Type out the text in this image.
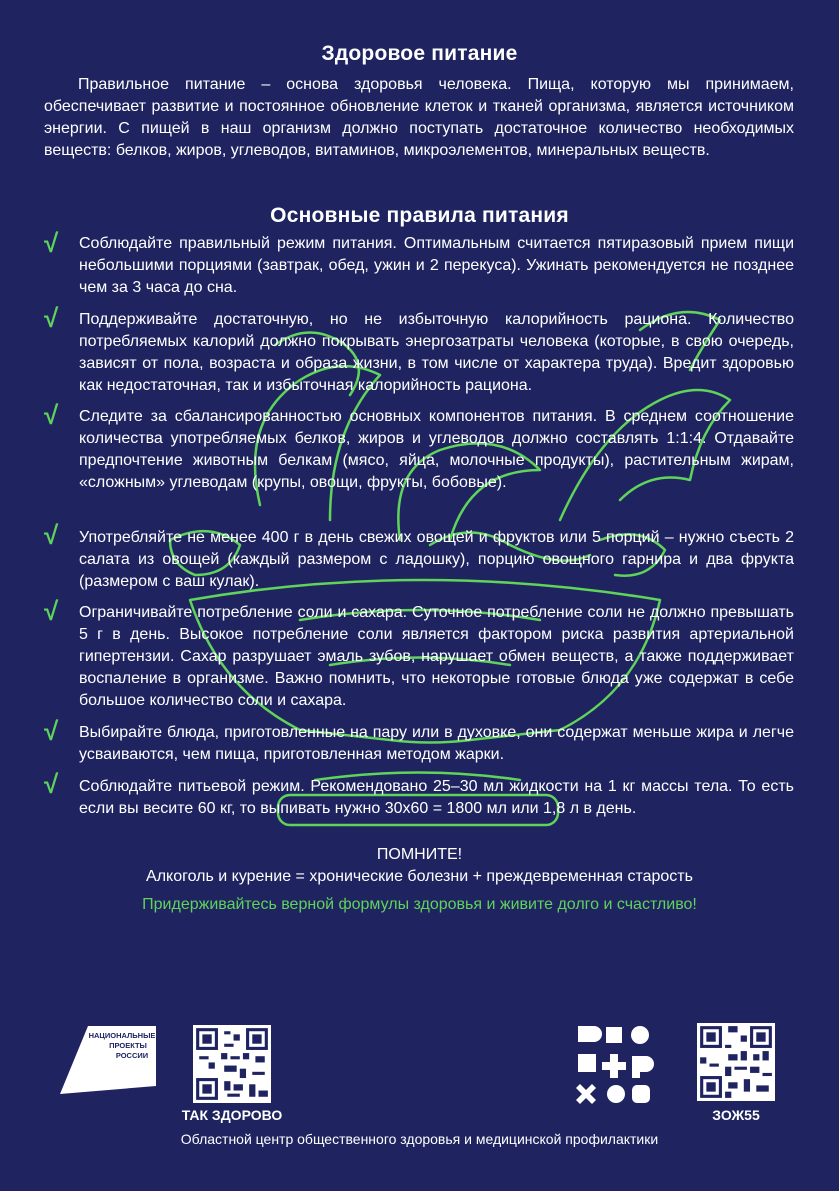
Здоровое питание
Правильное питание – основа здоровья человека. Пища, которую мы принимаем, обеспечивает развитие и постоянное обновление клеток и тканей организма, является источником энергии. С пищей в наш организм должно поступать достаточное количество необходимых веществ: белков, жиров, углеводов, витаминов, микроэлементов, минеральных веществ.
Основные правила питания
√	Соблюдайте правильный режим питания. Оптимальным считается пятиразовый прием пищи небольшими порциями (завтрак, обед, ужин и 2 перекуса). Ужинать рекомендуется не позднее чем за 3 часа до сна.
√	Поддерживайте достаточную, но не избыточную калорийность рациона. Количество потребляемых калорий должно покрывать энергозатраты человека (которые, в свою очередь, зависят от пола, возраста и образа жизни, в том числе от характера труда). Вредит здоровью как недостаточная, так и избыточная калорийность рациона.
√	Следите за сбалансированностью основных компонентов питания. В среднем соотношение количества употребляемых белков, жиров и углеводов должно составлять 1:1:4. Отдавайте предпочтение животным белкам (мясо, яйца, молочные продукты), растительным жирам, «сложным» углеводам (крупы, овощи, фрукты, бобовые).
√	Употребляйте не менее 400 г в день свежих овощей и фруктов или 5 порций – нужно съесть 2 салата из овощей (каждый размером с ладошку), порцию овощного гарнира и два фрукта (размером с ваш кулак).
√	Ограничивайте потребление соли и сахара. Суточное потребление соли не должно превышать 5 г в день. Высокое потребление соли является фактором риска развития артериальной гипертензии. Сахар разрушает эмаль зубов, нарушает обмен веществ, а также поддерживает воспаление в организме. Важно помнить, что некоторые готовые блюда уже содержат в себе большое количество соли и сахара.
√	Выбирайте блюда, приготовленные на пару или в духовке, они содержат меньше жира и легче усваиваются, чем пища, приготовленная методом жарки.
√	Соблюдайте питьевой режим. Рекомендовано 25–30 мл жидкости на 1 кг массы тела. То есть если вы весите 60 кг, то выпивать нужно 30х60 = 1800 мл или 1,8 л в день.
ПОМНИТЕ!
Алкоголь и курение = хронические болезни + преждевременная старость
Придерживайтесь верной формулы здоровья и живите долго и счастливо!
НАЦИОНАЛЬНЫЕ
ПРОЕКТЫ
РОССИИ
ТАК ЗДОРОВО	ЗОЖ55
Областной центр общественного здоровья и медицинской профилактики
